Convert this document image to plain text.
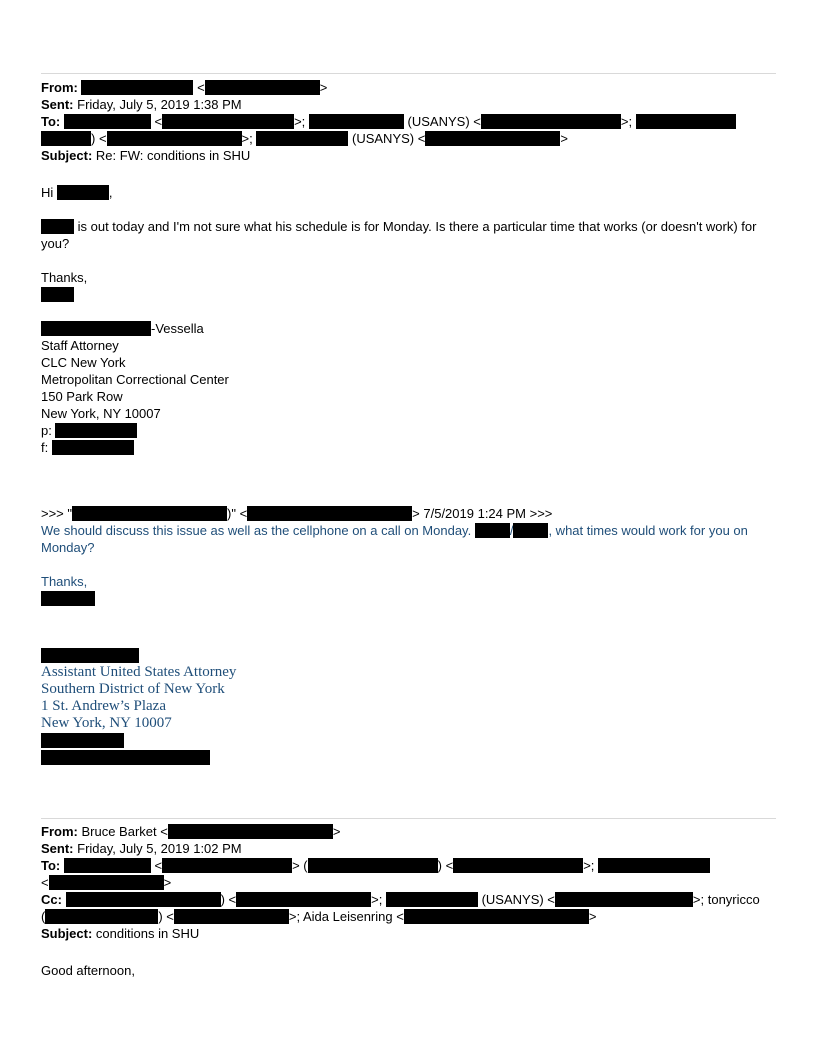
From:	<	>
Sent: Friday, July 5, 2019 1:38 PM
To:	<	>;	(USANYS) <	>;
) <	>;	(USANYS) <	>
Subject: Re: FW: conditions in SHU
Hi	,
is out today and I'm not sure what his schedule is for Monday. Is there a particular time that works (or doesn't work) for you?
Thanks,
-Vessella
Staff Attorney
CLC New York
Metropolitan Correctional Center
150 Park Row
New York, NY 10007
p:
f:
>>> "	)" <	> 7/5/2019 1:24 PM >>>
We should discuss this issue as well as the cellphone on a call on Monday.	/	, what times would work for you on Monday?
Thanks,
Assistant United States Attorney
Southern District of New York
1 St. Andrew’s Plaza
New York, NY 10007
From: Bruce Barket <	>
Sent: Friday, July 5, 2019 1:02 PM
To:	<	> (	) <	>;
<	>
Cc:	) <	>;	(USANYS) <	>; tonyricco
(	) <	>; Aida Leisenring <	>
Subject: conditions in SHU
Good afternoon,
